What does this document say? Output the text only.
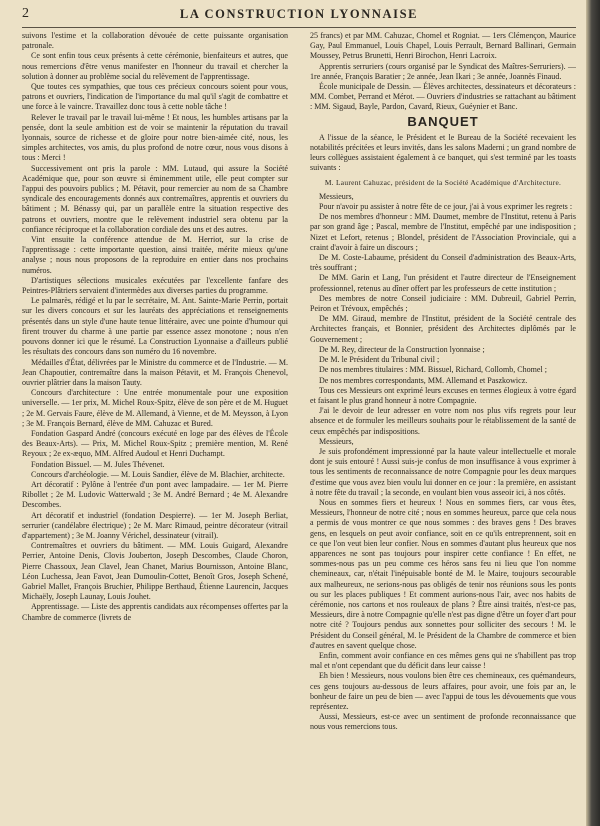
2	LA CONSTRUCTION LYONNAISE

suivons l'estime et la collaboration dévouée de cette puissante organisation patronale.

Ce sont enfin tous ceux présents à cette cérémonie, bienfaiteurs et autres, que nous remercions d'être venus manifester en l'honneur du travail et chercher la solution à donner au problème social du relèvement de l'apprentissage.

Que toutes ces sympathies, que tous ces précieux concours soient pour vous, patrons et ouvriers, l'indication de l'importance du mal qu'il s'agit de combattre et une force à le vaincre. Travaillez donc tous à cette noble tâche !

Relever le travail par le travail lui-même ! Et nous, les humbles artisans par la pensée, dont la seule ambition est de voir se maintenir la réputation du travail lyonnais, source de richesse et de gloire pour notre bien-aimée cité, nous, les simples architectes, vos amis, du plus profond de notre cœur, nous vous disons à tous : Merci !

Successivement ont pris la parole : MM. Lutaud, qui assure la Société Académique que, pour son œuvre si éminemment utile, elle peut compter sur l'appui des pouvoirs publics ; M. Pétavit, pour remercier au nom de sa Chambre syndicale des encouragements donnés aux contremaîtres, apprentis et ouvriers du bâtiment ; M. Bénassy qui, par un parallèle entre la situation respective des patrons et ouvriers, montre que le relèvement industriel sera obtenu par la confiance réciproque et la collaboration cordiale des uns et des autres.

Vint ensuite la conférence attendue de M. Herriot, sur la crise de l'apprentissage : cette importante question, ainsi traitée, mérite mieux qu'une analyse ; nous nous proposons de la reproduire en entier dans nos prochains numéros.

D'artistiques sélections musicales exécutées par l'excellente fanfare des Peintres-Plâtriers servaient d'intermèdes aux diverses parties du programme.

Le palmarès, rédigé et lu par le secrétaire, M. Ant. Sainte-Marie Perrin, portait sur les divers concours et sur les lauréats des appréciations et renseignements présentés dans un style d'une haute tenue littéraire, avec une pointe d'humour qui firent trouver du charme à une partie par essence assez monotone ; nous n'en pouvons donner ici que le résumé. La Construction Lyonnaise a d'ailleurs publié les résultats des concours dans son numéro du 16 novembre.

Médailles d'État, délivrées par le Ministre du commerce et de l'Industrie. — M. Jean Chapoutier, contremaître dans la maison Pétavit, et M. François Chenevol, ouvrier plâtrier dans la maison Tauty.

Concours d'architecture : Une entrée monumentale pour une exposition universelle. — 1er prix, M. Michel Roux-Spitz, élève de son père et de M. Huguet ; 2e M. Gervais Faure, élève de M. Allemand, à Vienne, et de M. Meysson, à Lyon ; 3e M. François Bernard, élève de MM. Cahuzac et Bured.

Fondation Gaspard André (concours exécuté en loge par des élèves de l'École des Beaux-Arts). — Prix, M. Michel Roux-Spitz ; première mention, M. René Reyoux ; 2e ex-æquo, MM. Alfred Audoul et Henri Duchampt.

Fondation Bissuel. — M. Jules Thévenet.

Concours d'archéologie. — M. Louis Sandier, élève de M. Blachier, architecte.

Art décoratif : Pylône à l'entrée d'un pont avec lampadaire. — 1er M. Pierre Ribollet ; 2e M. Ludovic Watterwald ; 3e M. André Bernard ; 4e M. Alexandre Descombes.

Art décoratif et industriel (fondation Despierre). — 1er M. Joseph Berliat, serrurier (candélabre électrique) ; 2e M. Marc Rimaud, peintre décorateur (vitrail d'appartement) ; 3e M. Joanny Vérichel, dessinateur (vitrail).

Contremaîtres et ouvriers du bâtiment. — MM. Louis Guigard, Alexandre Perrier, Antoine Denis, Clovis Jouberton, Joseph Descombes, Claude Choron, Pierre Chassoux, Jean Clavel, Jean Chanet, Marius Bournisson, Antoine Blanc, Léon Luchessa, Jean Favot, Jean Dumoulin-Cottet, Benoît Gros, Joseph Schené, Gabriel Mallet, François Bruchier, Philippe Berthaud, Étienne Laurencin, Jacques Michaëly, Joseph Launay, Louis Jouhet.

Apprentissage. — Liste des apprentis candidats aux récompenses offertes par la Chambre de commerce (livrets de

25 francs) et par MM. Cahuzac, Chomel et Rogniat. — 1ers Clémençon, Maurice Gay, Paul Emmanuel, Louis Chapel, Louis Perrault, Bernard Ballinari, Germain Moussey, Petrus Brunetti, Henri Birochon, Henri Lacroix.

Apprentis serruriers (cours organisé par le Syndicat des Maîtres-Serruriers). — 1re année, François Baratier ; 2e année, Jean Ikari ; 3e année, Joannès Finaud.

École municipale de Dessin. — Élèves architectes, dessinateurs et décorateurs : MM. Combet, Perrand et Mérot. — Ouvriers d'industries se rattachant au bâtiment : MM. Sigaud, Bayle, Pardon, Cavard, Rieux, Guéynier et Banc.

BANQUET

A l'issue de la séance, le Président et le Bureau de la Société recevaient les notabilités précitées et leurs invités, dans les salons Maderni ; un grand nombre de leurs collègues assistaient également à ce banquet, qui s'est terminé par les toasts suivants :

M. Laurent Cahuzac, président de la Société Académique d'Architecture.

Messieurs,

Pour n'avoir pu assister à notre fête de ce jour, j'ai à vous exprimer les regrets :

De nos membres d'honneur : MM. Daumet, membre de l'Institut, retenu à Paris par son grand âge ; Pascal, membre de l'Institut, empêché par une indisposition ; Nizet et Lefort, retenus ; Blondel, président de l'Association Provinciale, qui a craint d'avoir à faire un discours ;

De M. Coste-Labaume, président du Conseil d'administration des Beaux-Arts, très souffrant ;

De MM. Garin et Lang, l'un président et l'autre directeur de l'Enseignement professionnel, retenus au dîner offert par les professeurs de cette institution ;

Des membres de notre Conseil judiciaire : MM. Dubreuil, Gabriel Perrin, Peiron et Trévoux, empêchés ;

De MM. Giraud, membre de l'Institut, président de la Société centrale des Architectes français, et Bonnier, président des Architectes diplômés par le Gouvernement ;

De M. Rey, directeur de la Construction lyonnaise ;

De M. le Président du Tribunal civil ;

De nos membres titulaires : MM. Bissuel, Richard, Collomb, Chomel ;

De nos membres correspondants, MM. Allemand et Paszkowicz.

Tous ces Messieurs ont exprimé leurs excuses en termes élogieux à votre égard et faisant le plus grand honneur à notre Compagnie.

J'ai le devoir de leur adresser en votre nom nos plus vifs regrets pour leur absence et de formuler les meilleurs souhaits pour le rétablissement de la santé de ceux empêchés par indispositions.

Messieurs,

Je suis profondément impressionné par la haute valeur intellectuelle et morale dont je suis entouré ! Aussi suis-je confus de mon insuffisance à vous exprimer à tous les sentiments de reconnaissance de notre Compagnie pour les deux marques d'estime que vous avez bien voulu lui donner en ce jour : la première, en assistant à notre fête du travail ; la seconde, en voulant bien vous asseoir ici, à nos côtés.

Nous en sommes fiers et heureux ! Nous en sommes fiers, car vous êtes, Messieurs, l'honneur de notre cité ; nous en sommes heureux, parce que cela nous a permis de vous montrer ce que nous sommes : des braves gens ! Des braves gens, en lesquels on peut avoir confiance, soit en ce qu'ils entreprennent, soit en ce que l'on veut bien leur confier. Nous en sommes d'autant plus heureux que nos apparences ne sont pas toujours pour inspirer cette confiance ! En effet, ne sommes-nous pas un peu comme ces héros sans feu ni lieu que l'on nomme chemineaux, car, n'était l'inépuisable bonté de M. le Maire, toujours secourable aux malheureux, ne serions-nous pas obligés de tenir nos réunions sous les ponts ou sur les places publiques ! Et comment aurions-nous l'air, avec nos habits de cérémonie, nos cartons et nos rouleaux de plans ? Être ainsi traités, n'est-ce pas, Messieurs, dire à notre Compagnie qu'elle n'est pas digne d'être un foyer d'art pour notre cité ? Toujours pendus aux sonnettes pour solliciter des secours ! M. le Président du Conseil général, M. le Président de la Chambre de commerce et bien d'autres en savent quelque chose.

Enfin, comment avoir confiance en ces mêmes gens qui ne s'habillent pas trop mal et n'ont cependant que du déficit dans leur caisse !

Eh bien ! Messieurs, nous voulons bien être ces chemineaux, ces quémandeurs, ces gens toujours au-dessous de leurs affaires, pour avoir, une fois par an, le bonheur de faire un peu de bien — avec l'appui de tous les dévouements que vous représentez.

Aussi, Messieurs, est-ce avec un sentiment de profonde reconnaissance que nous vous remercions tous.
